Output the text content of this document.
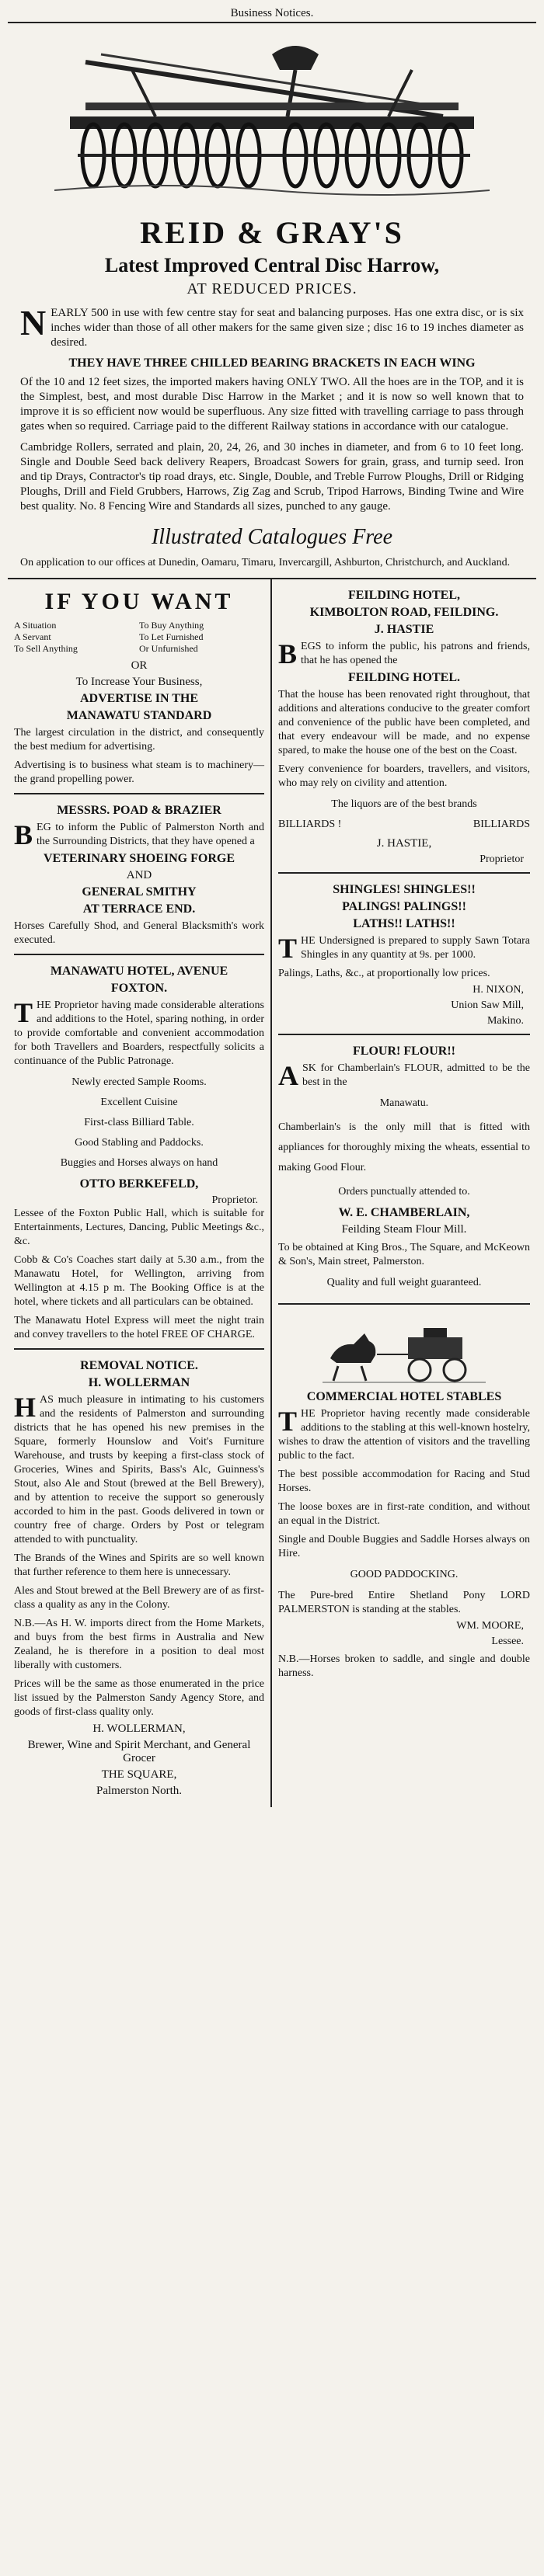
Business Notices.
REID & GRAY'S
Latest Improved Central Disc Harrow,
AT REDUCED PRICES.
N EARLY 500 in use with few centre stay for seat and balancing purposes. Has one extra disc, or is six inches wider than those of all other makers for the same given size ; disc 16 to 19 inches diameter as desired.
THEY HAVE THREE CHILLED BEARING BRACKETS IN EACH WING
Of the 10 and 12 feet sizes, the imported makers having ONLY TWO. All the hoes are in the TOP, and it is the Simplest, best, and most durable Disc Harrow in the Market ; and it is now so well known that to improve it is so efficient now would be superfluous. Any size fitted with travelling carriage to pass through gates when so required. Carriage paid to the different Railway stations in accordance with our catalogue.
Cambridge Rollers, serrated and plain, 20, 24, 26, and 30 inches in diameter, and from 6 to 10 feet long. Single and Double Seed back delivery Reapers, Broadcast Sowers for grain, grass, and turnip seed. Iron and tip Drays, Contractor's tip road drays, etc. Single, Double, and Treble Furrow Ploughs, Drill or Ridging Ploughs, Drill and Field Grubbers, Harrows, Zig Zag and Scrub, Tripod Harrows, Binding Twine and Wire best quality. No. 8 Fencing Wire and Standards all sizes, punched to any gauge.
Illustrated Catalogues Free
On application to our offices at Dunedin, Oamaru, Timaru, Invercargill, Ashburton, Christchurch, and Auckland.
IF YOU WANT
A Situation	To Buy Anything
A Servant	To Let Furnished
To Sell Anything	Or Unfurnished
OR
To Increase Your Business,
ADVERTISE IN THE
MANAWATU STANDARD
The largest circulation in the district, and consequently the best medium for advertising.
Advertising is to business what steam is to machinery—the grand propelling power.
MESSRS. POAD & BRAZIER
B EG to inform the Public of Palmerston North and the Surrounding Districts, that they have opened a
VETERINARY SHOEING FORGE
AND
GENERAL SMITHY
AT TERRACE END.
Horses Carefully Shod, and General Blacksmith's work executed.
MANAWATU HOTEL, AVENUE
FOXTON.
T HE Proprietor having made considerable alterations and additions to the Hotel, sparing nothing, in order to provide comfortable and convenient accommodation for both Travellers and Boarders, respectfully solicits a continuance of the Public Patronage.
Newly erected Sample Rooms.
Excellent Cuisine
First-class Billiard Table.
Good Stabling and Paddocks.
Buggies and Horses always on hand
OTTO BERKEFELD,
Proprietor.
Lessee of the Foxton Public Hall, which is suitable for Entertainments, Lectures, Dancing, Public Meetings &c., &c.
Cobb & Co's Coaches start daily at 5.30 a.m., from the Manawatu Hotel, for Wellington, arriving from Wellington at 4.15 p m. The Booking Office is at the hotel, where tickets and all particulars can be obtained.
The Manawatu Hotel Express will meet the night train and convey travellers to the hotel FREE OF CHARGE.
REMOVAL NOTICE.
H. WOLLERMAN
H AS much pleasure in intimating to his customers and the residents of Palmerston and surrounding districts that he has opened his new premises in the Square, formerly Hounslow and Voit's Furniture Warehouse, and trusts by keeping a first-class stock of Groceries, Wines and Spirits, Bass's Alc, Guinness's Stout, also Ale and Stout (brewed at the Bell Brewery), and by attention to receive the support so generously accorded to him in the past. Goods delivered in town or country free of charge. Orders by Post or telegram attended to with punctuality.
The Brands of the Wines and Spirits are so well known that further reference to them here is unnecessary.
Ales and Stout brewed at the Bell Brewery are of as first-class a quality as any in the Colony.
N.B.—As H. W. imports direct from the Home Markets, and buys from the best firms in Australia and New Zealand, he is therefore in a position to deal most liberally with customers.
Prices will be the same as those enumerated in the price list issued by the Palmerston Sandy Agency Store, and goods of first-class quality only.
H. WOLLERMAN,
Brewer, Wine and Spirit Merchant, and General Grocer
THE SQUARE,
Palmerston North.
FEILDING HOTEL,
KIMBOLTON ROAD, FEILDING.
J. HASTIE
B EGS to inform the public, his patrons and friends, that he has opened the
FEILDING HOTEL.
That the house has been renovated right throughout, that additions and alterations conducive to the greater comfort and convenience of the public have been completed, and that every endeavour will be made, and no expense spared, to make the house one of the best on the Coast.
Every convenience for boarders, travellers, and visitors, who may rely on civility and attention.
The liquors are of the best brands
BILLIARDS !	BILLIARDS
J. HASTIE,
Proprietor
SHINGLES! SHINGLES!!
PALINGS! PALINGS!!
LATHS!! LATHS!!
T HE Undersigned is prepared to supply Sawn Totara Shingles in any quantity at 9s. per 1000.
Palings, Laths, &c., at proportionally low prices.
H. NIXON,
Union Saw Mill,
Makino.
FLOUR! FLOUR!!
A SK for Chamberlain's FLOUR, admitted to be the best in the
Manawatu.
Chamberlain's is the only mill that is fitted with appliances for thoroughly mixing the wheats, essential to making Good Flour.
Orders punctually attended to.
W. E. CHAMBERLAIN,
Feilding Steam Flour Mill.
To be obtained at King Bros., The Square, and McKeown & Son's, Main street, Palmerston.
Quality and full weight guaranteed.
COMMERCIAL HOTEL STABLES
T HE Proprietor having recently made considerable additions to the stabling at this well-known hostelry, wishes to draw the attention of visitors and the travelling public to the fact.
The best possible accommodation for Racing and Stud Horses.
The loose boxes are in first-rate condition, and without an equal in the District.
Single and Double Buggies and Saddle Horses always on Hire.
GOOD PADDOCKING.
The Pure-bred Entire Shetland Pony LORD PALMERSTON is standing at the stables.
WM. MOORE,
Lessee.
N.B.—Horses broken to saddle, and single and double harness.
